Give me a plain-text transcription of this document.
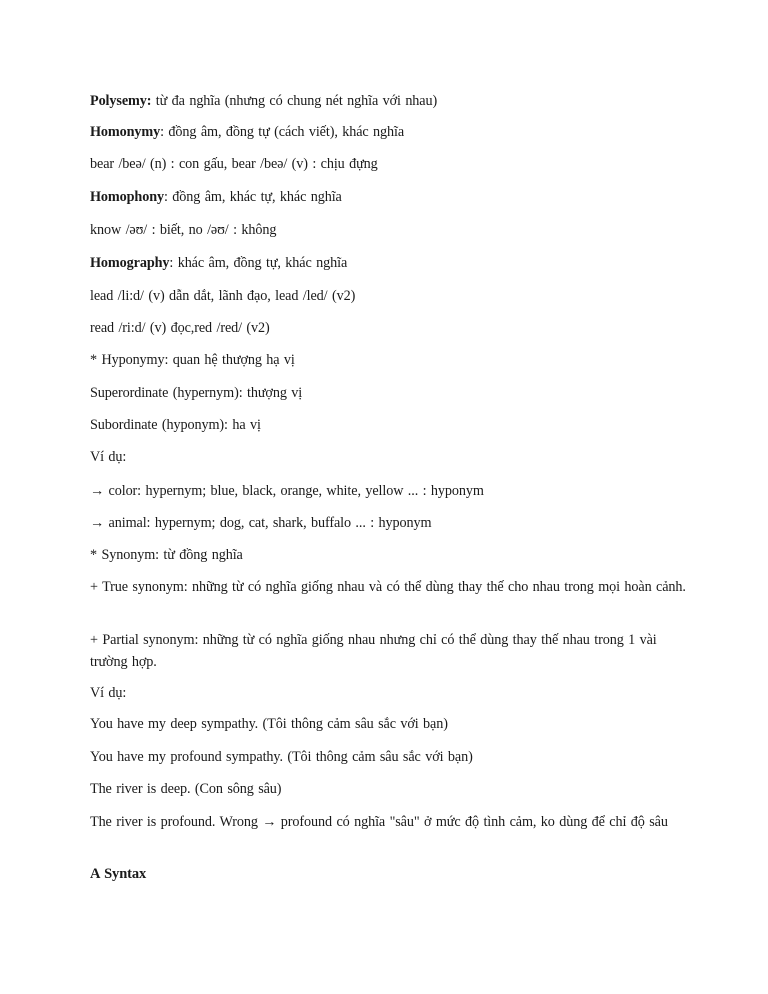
Polysemy: từ đa nghĩa (nhưng có chung nét nghĩa với nhau)
Homonymy: đồng âm, đồng tự (cách viết), khác nghĩa
bear /beə/ (n) : con gấu, bear /beə/ (v) : chịu đựng
Homophony: đồng âm, khác tự, khác nghĩa
know /əʊ/ : biết, no /əʊ/ : không
Homography: khác âm, đồng tự, khác nghĩa
lead /li:d/ (v) dẫn dắt, lãnh đạo, lead /led/ (v2)
read /ri:d/ (v) đọc,red /red/ (v2)
* Hyponymy: quan hệ thượng hạ vị
Superordinate (hypernym): thượng vị
Subordinate (hyponym): ha vị
Ví dụ:
→ color: hypernym; blue, black, orange, white, yellow ... : hyponym
→ animal: hypernym; dog, cat, shark, buffalo ... : hyponym
* Synonym: từ đồng nghĩa
+ True synonym: những từ có nghĩa giống nhau và có thể dùng thay thế cho nhau trong mọi hoàn cảnh.
+ Partial synonym: những từ có nghĩa giống nhau nhưng chỉ có thể dùng thay thế nhau trong 1 vài trường hợp.
Ví dụ:
You have my deep sympathy. (Tôi thông cảm sâu sắc với bạn)
You have my profound sympathy. (Tôi thông cảm sâu sắc với bạn)
The river is deep. (Con sông sâu)
The river is profound. Wrong → profound có nghĩa "sâu" ở mức độ tình cảm, ko dùng để chỉ độ sâu
A Syntax
